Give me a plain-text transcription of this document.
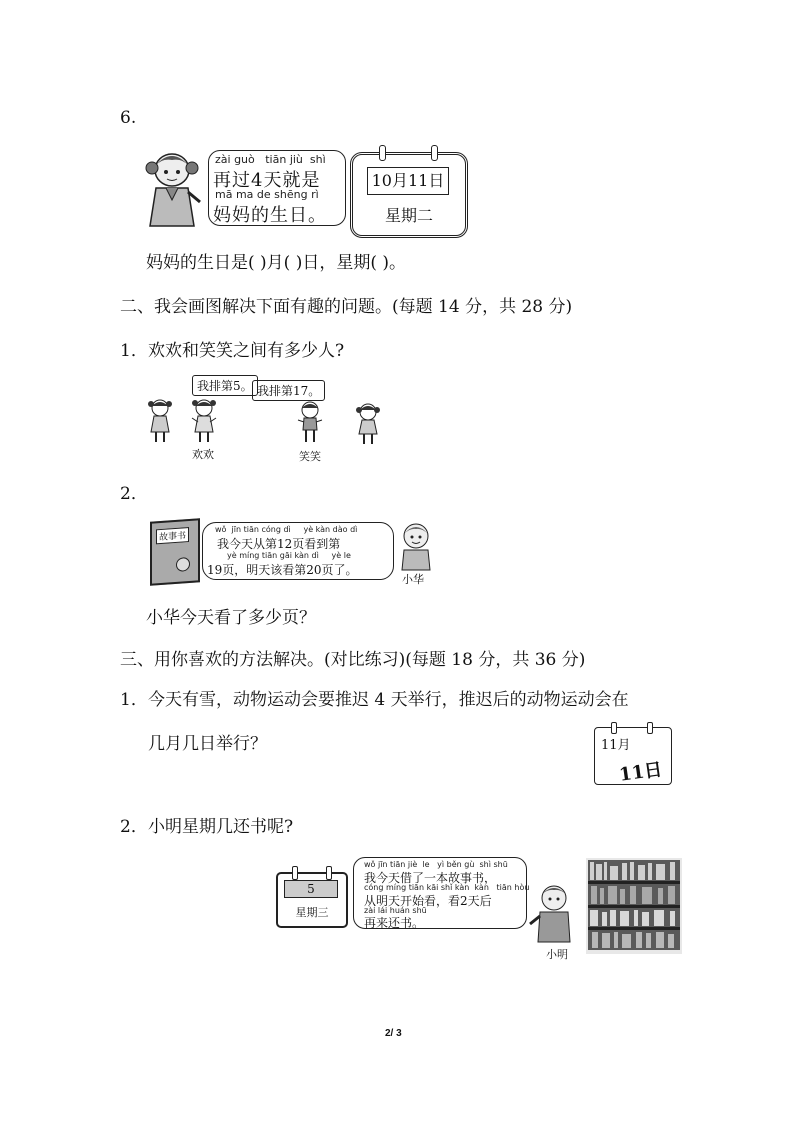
6.
zài guò   tiān jiù  shì
再过4天就是
mā ma de shēng rì
妈妈的生日。
10月11日
星期二
妈妈的生日是( )月( )日，星期( )。
二、我会画图解决下面有趣的问题。(每题 14 分，共 28 分)
1． 欢欢和笑笑之间有多少人?
我排第5。 我排第17。
欢欢	笑笑
2．
故事书
wǒ  jīn tiān cóng dì     yè kàn dào dì
我今天从第12页看到第
yè míng tiān gāi kàn dì     yè le
19页，明天该看第20页了。
小华
小华今天看了多少页？
三、用你喜欢的方法解决。(对比练习)(每题 18 分，共 36 分)
1． 今天有雪，动物运动会要推迟 4 天举行，推迟后的动物运动会在
几月几日举行？	11月
11日
2． 小明星期几还书呢?
5
星期三
wǒ jīn tiān jiè  le   yì běn gù  shì shū
我今天借了一本故事书，
cóng míng tiān kāi shǐ kàn  kàn   tiān hòu
从明天开始看，看2天后
zài lái huán shū
再来还书。
小明
2/ 3
